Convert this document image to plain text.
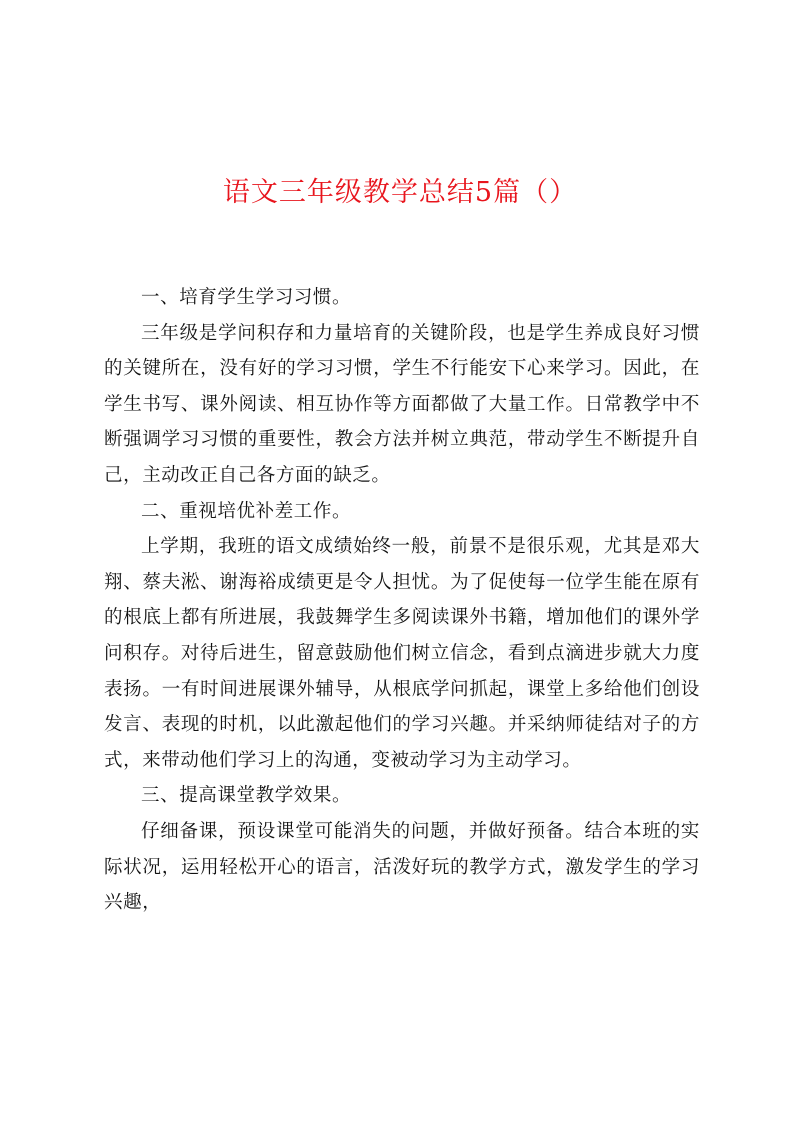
语文三年级教学总结5篇（）

一、培育学生学习习惯。

三年级是学问积存和力量培育的关键阶段，也是学生养成良好习惯的关键所在，没有好的学习习惯，学生不行能安下心来学习。因此，在学生书写、课外阅读、相互协作等方面都做了大量工作。日常教学中不断强调学习习惯的重要性，教会方法并树立典范，带动学生不断提升自己，主动改正自己各方面的缺乏。

二、重视培优补差工作。

上学期，我班的语文成绩始终一般，前景不是很乐观，尤其是邓大翔、蔡夫淞、谢海裕成绩更是令人担忧。为了促使每一位学生能在原有的根底上都有所进展，我鼓舞学生多阅读课外书籍，增加他们的课外学问积存。对待后进生，留意鼓励他们树立信念，看到点滴进步就大力度表扬。一有时间进展课外辅导，从根底学问抓起，课堂上多给他们创设发言、表现的时机，以此激起他们的学习兴趣。并采纳师徒结对子的方式，来带动他们学习上的沟通，变被动学习为主动学习。

三、提高课堂教学效果。

仔细备课，预设课堂可能消失的问题，并做好预备。结合本班的实际状况，运用轻松开心的语言，活泼好玩的教学方式，激发学生的学习兴趣，
